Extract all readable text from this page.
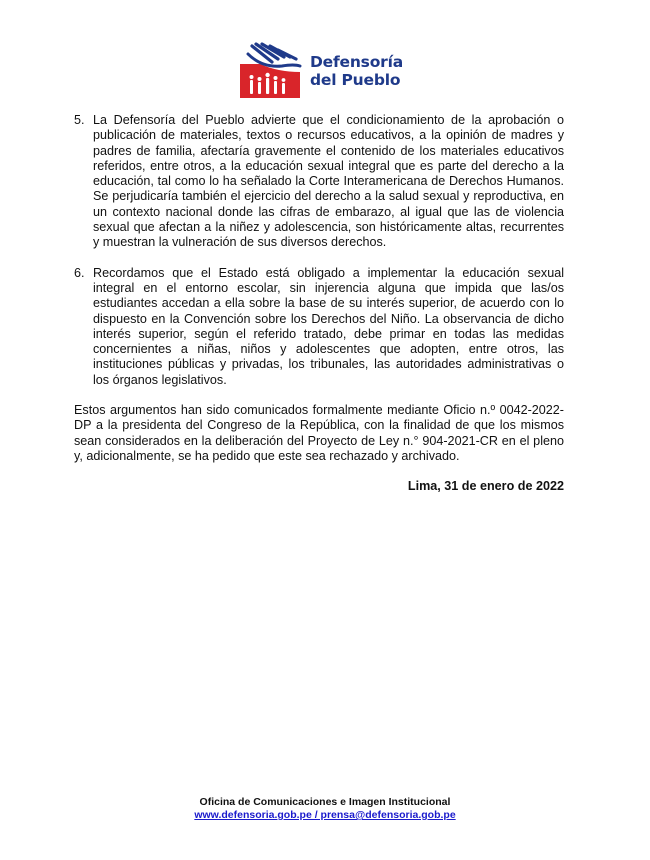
Defensoría
del Pueblo
5. La Defensoría del Pueblo advierte que el condicionamiento de la aprobación o publicación de materiales, textos o recursos educativos, a la opinión de madres y padres de familia, afectaría gravemente el contenido de los materiales educativos referidos, entre otros, a la educación sexual integral que es parte del derecho a la educación, tal como lo ha señalado la Corte Interamericana de Derechos Humanos. Se perjudicaría también el ejercicio del derecho a la salud sexual y reproductiva, en un contexto nacional donde las cifras de embarazo, al igual que las de violencia sexual que afectan a la niñez y adolescencia, son históricamente altas, recurrentes y muestran la vulneración de sus diversos derechos.
6. Recordamos que el Estado está obligado a implementar la educación sexual integral en el entorno escolar, sin injerencia alguna que impida que las/os estudiantes accedan a ella sobre la base de su interés superior, de acuerdo con lo dispuesto en la Convención sobre los Derechos del Niño. La observancia de dicho interés superior, según el referido tratado, debe primar en todas las medidas concernientes a niñas, niños y adolescentes que adopten, entre otros, las instituciones públicas y privadas, los tribunales, las autoridades administrativas o los órganos legislativos.
Estos argumentos han sido comunicados formalmente mediante Oficio n.º 0042-2022-DP a la presidenta del Congreso de la República, con la finalidad de que los mismos sean considerados en la deliberación del Proyecto de Ley n.° 904-2021-CR en el pleno y, adicionalmente, se ha pedido que este sea rechazado y archivado.
Lima, 31 de enero de 2022
Oficina de Comunicaciones e Imagen Institucional
www.defensoria.gob.pe / prensa@defensoria.gob.pe
